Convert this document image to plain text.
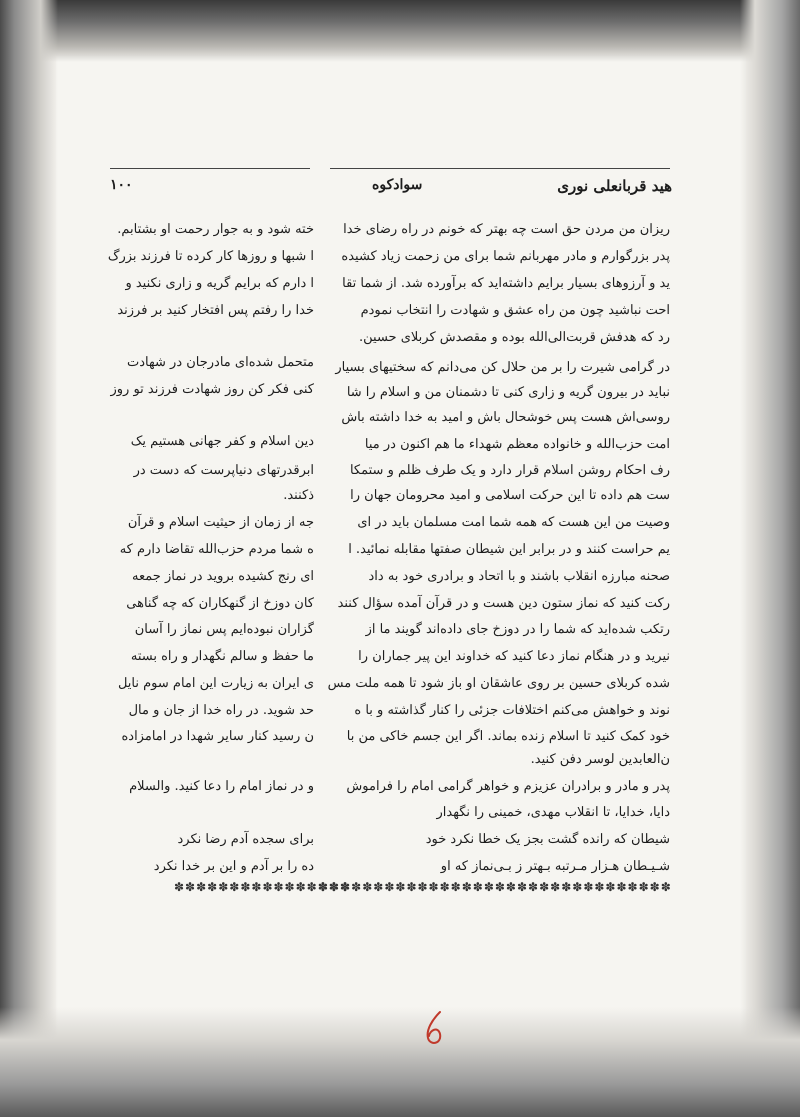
۱۰۰	سوادکوه	هید قربانعلی نوری
ریزان من مردن حق است چه بهتر که خونم در راه رضای خدا
پدر بزرگوارم و مادر مهربانم شما برای من زحمت زیاد کشیده
ید و آرزوهای بسیار برایم داشته‌اید که برآورده شد. از شما تقا
احت نباشید چون من راه عشق و شهادت را انتخاب نمودم
رد که هدفش قربت‌الی‌الله بوده و مقصدش کربلای حسین.
در گرامی شیرت را بر من حلال کن می‌دانم که سختیهای بسیار
نباید در بیرون گریه و زاری کنی تا دشمنان من و اسلام را شا
روسی‌اش هست پس خوشحال باش و امید به خدا داشته باش
امت حزب‌الله و خانواده معظم شهداء ما هم اکنون در میا
رف احکام روشن اسلام قرار دارد و یک طرف ظلم و ستمکا
ست هم داده تا این حرکت اسلامی و امید محرومان جهان را
وصیت من این هست که همه شما امت مسلمان باید در ای
یم حراست کنند و در برابر این شیطان صفتها مقابله نمائید. ا
صحنه مبارزه انقلاب باشند و با اتحاد و برادری خود به داد
رکت کنید که نماز ستون دین هست و در قرآن آمده سؤال کنند
رتکب شده‌اید که شما را در دوزخ جای داده‌اند گویند ما از
نیرید و در هنگام نماز دعا کنید که خداوند این پیر جماران را
شده کربلای حسین بر روی عاشقان او باز شود تا همه ملت مس
نوند و خواهش می‌کنم اختلافات جزئی را کنار گذاشته و با ه
خود کمک کنید تا اسلام زنده بماند. اگر این جسم خاکی من با
ن‌العابدین لوسر دفن کنید.
پدر و مادر و برادران عزیزم و خواهر گرامی امام را فراموش
دایا، خدایا، تا انقلاب مهدی، خمینی را نگهدار
شیطان که رانده گشت بجز یک خطا نکرد خود
شـیـطان هـزار مـرتبه بـهتر ز بـی‌نماز که او
خته شود و به جوار رحمت او بشتابم.
ا شبها و روزها کار کرده تا فرزند بزرگ
ا دارم که برایم گریه و زاری نکنید و
خدا را رفتم پس افتخار کنید بر فرزند
متحمل شده‌ای مادرجان در شهادت
کنی فکر کن روز شهادت فرزند تو روز
دین اسلام و کفر جهانی هستیم یک
ابرقدرتهای دنیاپرست که دست در
ذکنند.
جه از زمان از حیثیت اسلام و قرآن
ه شما مردم حزب‌الله تقاضا دارم که
ای رنج کشیده بروید در نماز جمعه
کان دوزخ از گنهکاران که چه گناهی
گزاران نبوده‌ایم پس نماز را آسان
ما حفظ و سالم نگهدار و راه بسته
ی ایران به زیارت این امام سوم نایل
حد شوید. در راه خدا از جان و مال
ن رسید کنار سایر شهدا در امامزاده
و در نماز امام را دعا کنید. والسلام
برای سجده آدم رضا نکرد
ده را بر آدم و این بر خدا نکرد
✽✽✽✽✽✽✽✽✽✽✽✽✽✽✽✽
✽✽✽✽✽✽✽✽✽✽✽✽✽✽✽✽✽✽✽✽✽✽✽✽✽✽✽✽✽✽✽✽
۶
